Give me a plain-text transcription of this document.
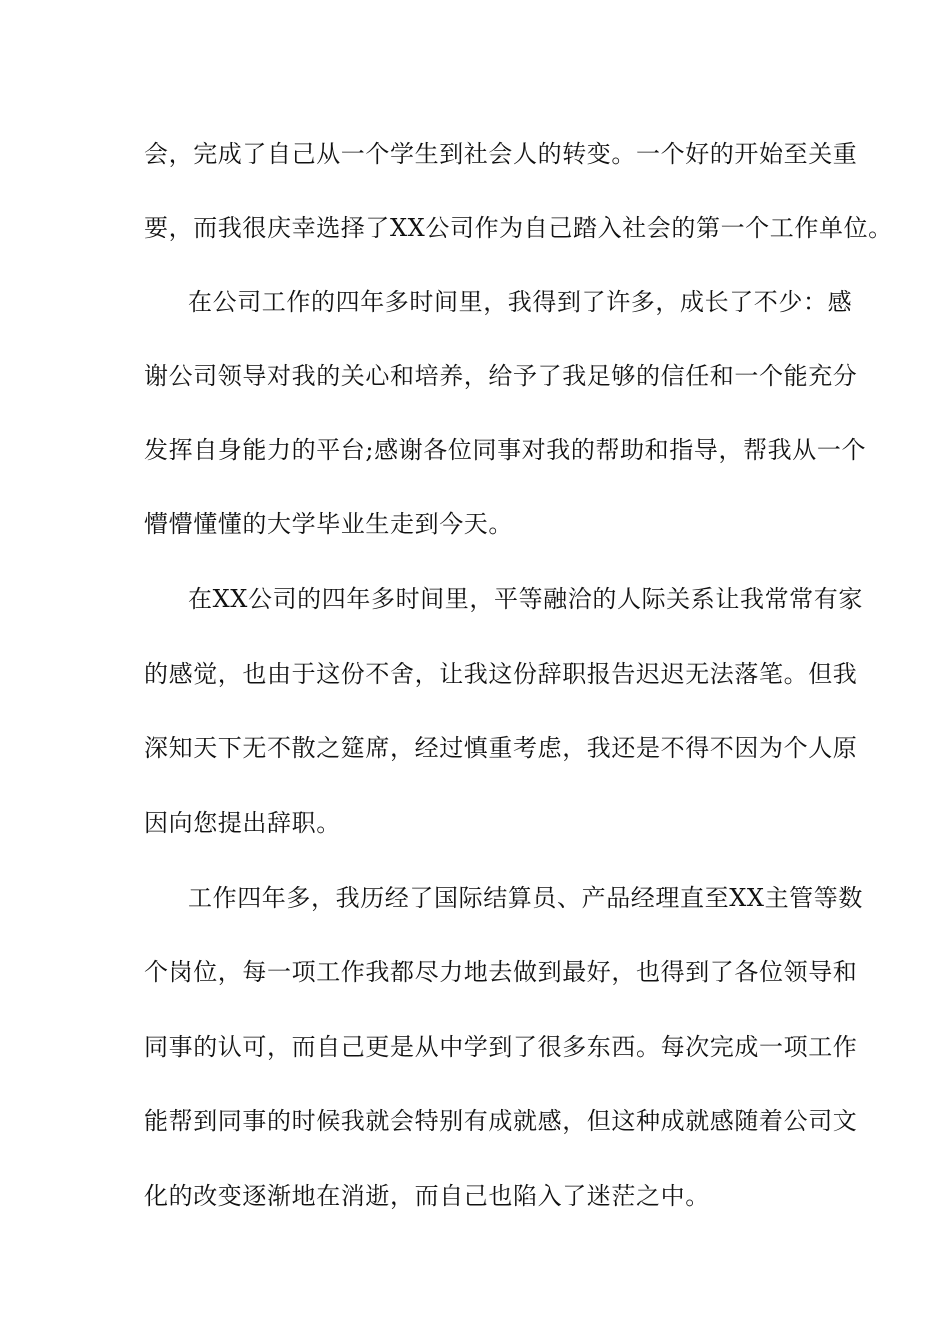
会，完成了自己从一个学生到社会人的转变。一个好的开始至关重
要，而我很庆幸选择了XX公司作为自己踏入社会的第一个工作单位。
在公司工作的四年多时间里，我得到了许多，成长了不少：感
谢公司领导对我的关心和培养，给予了我足够的信任和一个能充分
发挥自身能力的平台;感谢各位同事对我的帮助和指导，帮我从一个
懵懵懂懂的大学毕业生走到今天。
在XX公司的四年多时间里，平等融洽的人际关系让我常常有家
的感觉，也由于这份不舍，让我这份辞职报告迟迟无法落笔。但我
深知天下无不散之筵席，经过慎重考虑，我还是不得不因为个人原
因向您提出辞职。
工作四年多，我历经了国际结算员、产品经理直至XX主管等数
个岗位，每一项工作我都尽力地去做到最好，也得到了各位领导和
同事的认可，而自己更是从中学到了很多东西。每次完成一项工作
能帮到同事的时候我就会特别有成就感，但这种成就感随着公司文
化的改变逐渐地在消逝，而自己也陷入了迷茫之中。
